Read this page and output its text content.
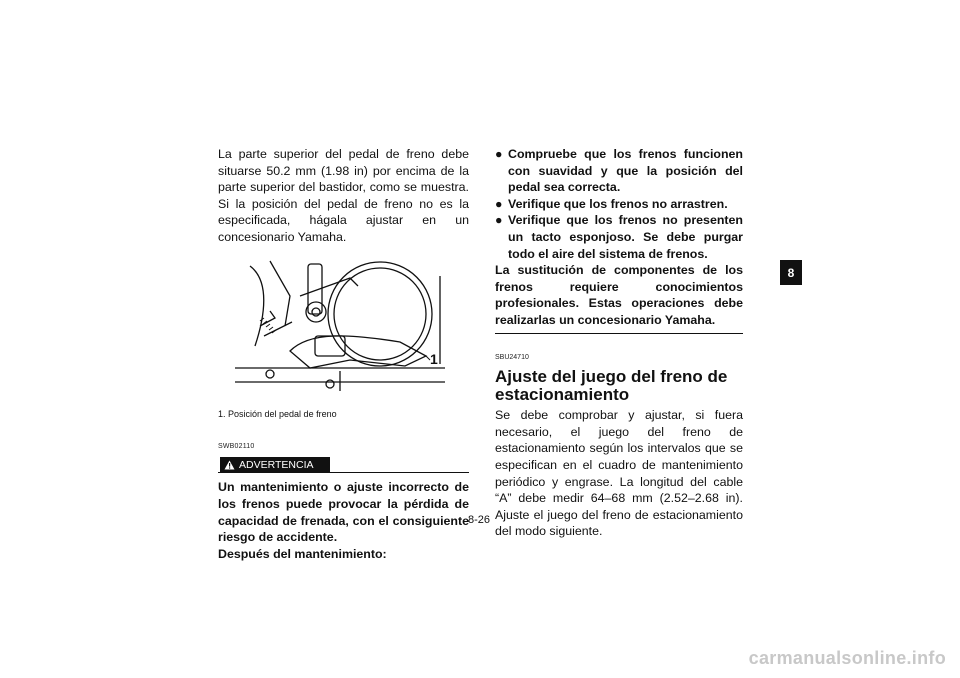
La parte superior del pedal de freno debe situarse 50.2 mm (1.98 in) por encima de la parte superior del bastidor, como se muestra. Si la posición del pedal de freno no es la especificada, hágala ajustar en un concesionario Yamaha.

1
1. Posición del pedal de freno
SWB02110
ADVERTENCIA

Un mantenimiento o ajuste incorrecto de los frenos puede provocar la pérdida de capacidad de frenada, con el consiguiente riesgo de accidente.

Después del mantenimiento:
● Compruebe que los frenos funcionen con suavidad y que la posición del pedal sea correcta.
● Verifique que los frenos no arrastren.
● Verifique que los frenos no presenten un tacto esponjoso. Se debe purgar todo el aire del sistema de frenos.

La sustitución de componentes de los frenos requiere conocimientos profesionales. Estas operaciones debe realizarlas un concesionario Yamaha.

SBU24710
Ajuste del juego del freno de estacionamiento

Se debe comprobar y ajustar, si fuera necesario, el juego del freno de estacionamiento según los intervalos que se especifican en el cuadro de mantenimiento periódico y engrase. La longitud del cable “A” debe medir 64–68 mm (2.52–2.68 in). Ajuste el juego del freno de estacionamiento del modo siguiente.

8
8-26
carmanualsonline.info
